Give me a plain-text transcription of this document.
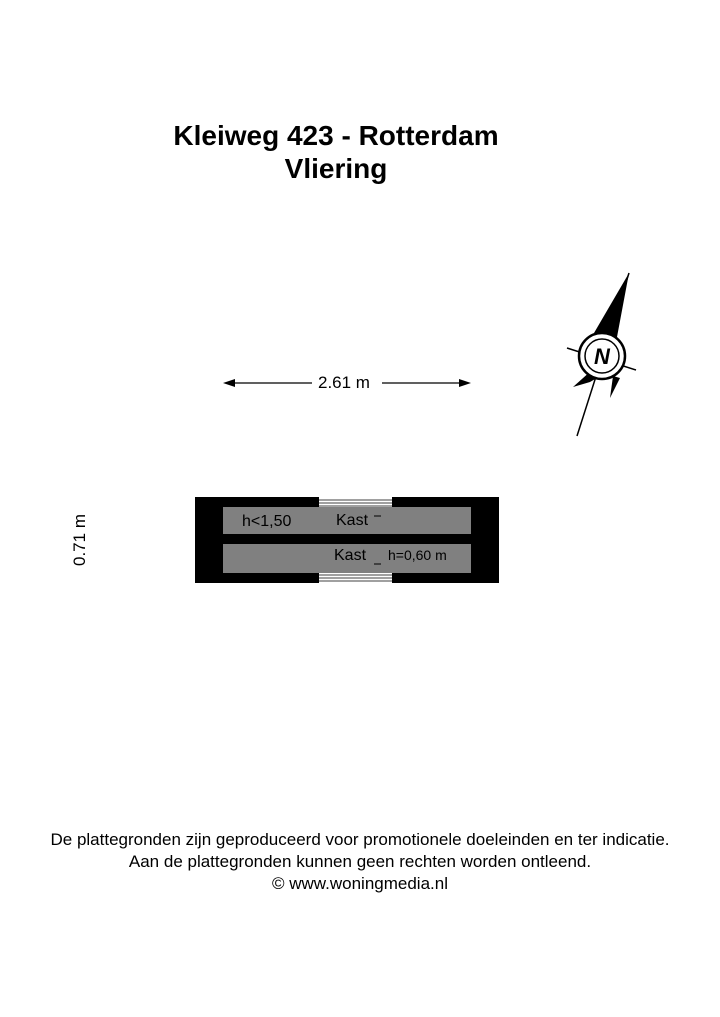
Kleiweg 423 - Rotterdam
Vliering
N
2.61 m
0.71 m	h<1,50	Kast
Kast h=0,60 m
De plattegronden zijn geproduceerd voor promotionele doeleinden en ter indicatie.
Aan de plattegronden kunnen geen rechten worden ontleend.
© www.woningmedia.nl
